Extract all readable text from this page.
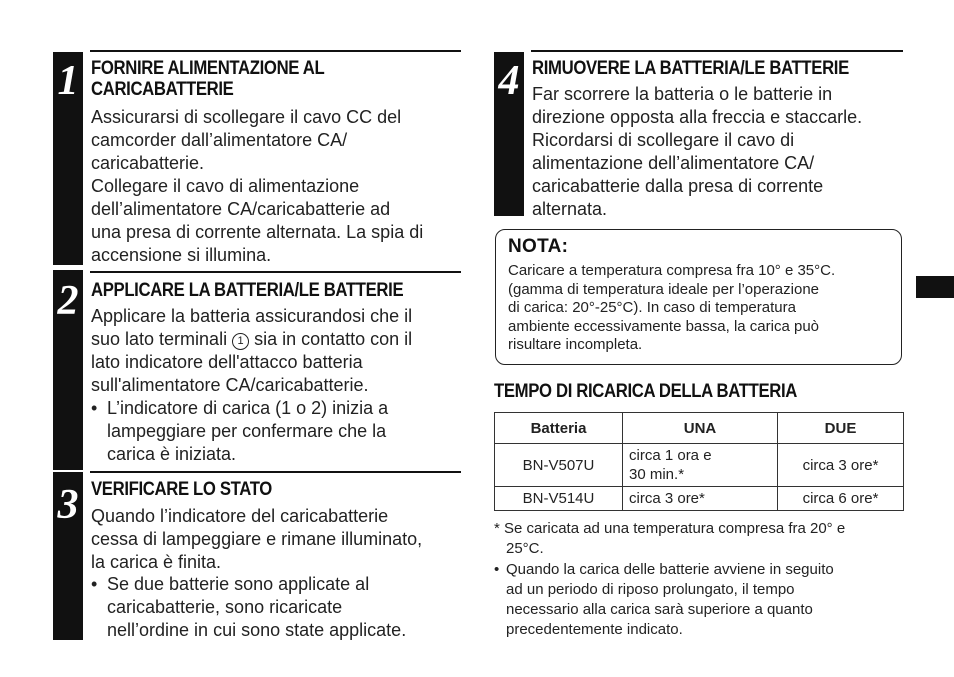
1 FORNIRE ALIMENTAZIONE AL
CARICABATTERIE

Assicurarsi di scollegare il cavo CC del

camcorder dall’alimentatore CA/

caricabatterie.

Collegare il cavo di alimentazione

dell’alimentatore CA/caricabatterie ad

una presa di corrente alternata. La spia di

accensione si illumina.

2 APPLICARE LA BATTERIA/LE BATTERIE

Applicare la batteria assicurandosi che il

suo lato terminali 1 sia in contatto con il

lato indicatore dell'attacco batteria

sull'alimentatore CA/caricabatterie.

• L’indicatore di carica (1 o 2) inizia a
lampeggiare per confermare che la
carica è iniziata.
3 VERIFICARE LO STATO

Quando l’indicatore del caricabatterie

cessa di lampeggiare e rimane illuminato,

la carica è finita.

• Se due batterie sono applicate al
caricabatterie, sono ricaricate
nell’ordine in cui sono state applicate.
4 RIMUOVERE LA BATTERIA/LE BATTERIE

Far scorrere la batteria o le batterie in

direzione opposta alla freccia e staccarle.

Ricordarsi di scollegare il cavo di

alimentazione dell’alimentatore CA/

caricabatterie dalla presa di corrente

alternata.

NOTA:
Caricare a temperatura compresa fra 10° e 35°C.
(gamma di temperatura ideale per l’operazione
di carica: 20°-25°C). In caso di temperatura
ambiente eccessivamente bassa, la carica può
risultare incompleta.
TEMPO DI RICARICA DELLA BATTERIA
Batteria	UNA	DUE
BN-V507U	circa 1 ora e
30 min.*	circa 3 ore*
BN-V514U	circa 3 ore*	circa 6 ore*
* Se caricata ad una temperatura compresa fra 20° e
25°C.
• Quando la carica delle batterie avviene in seguito
ad un periodo di riposo prolungato, il tempo
necessario alla carica sarà superiore a quanto
precedentemente indicato.
